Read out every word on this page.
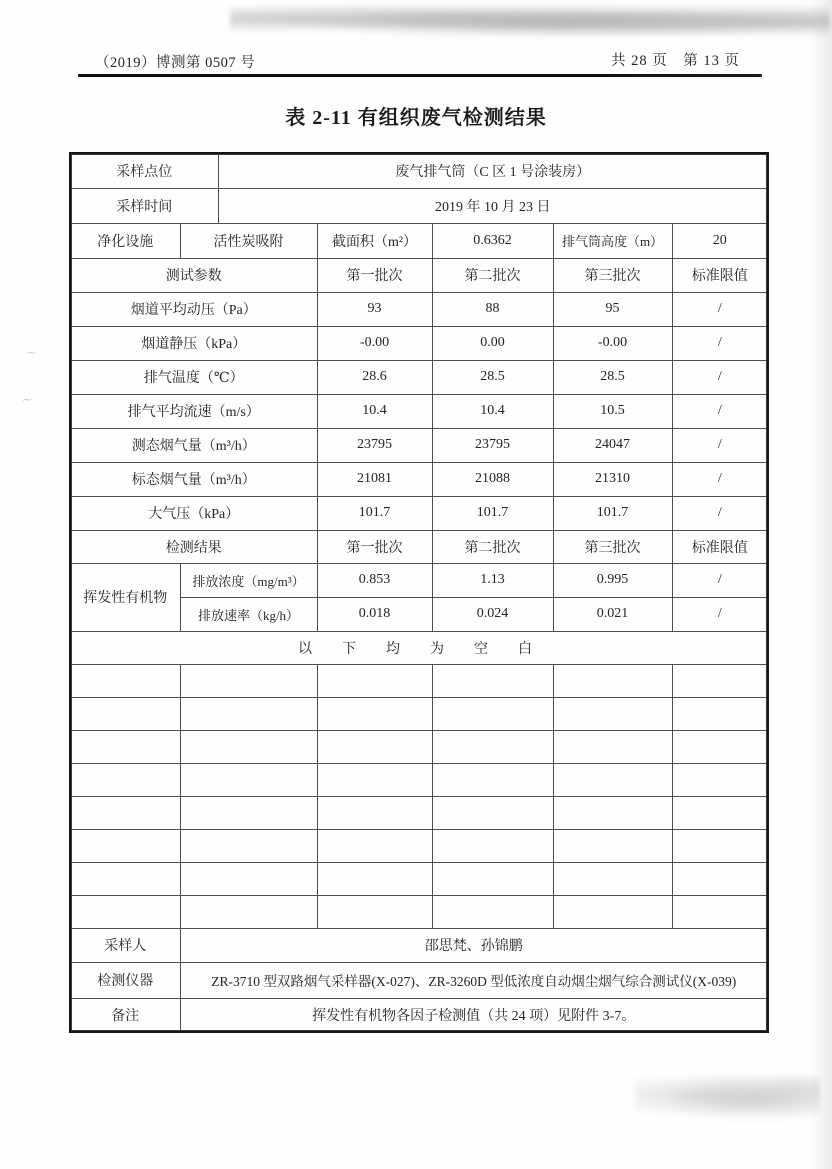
（2019）博测第 0507 号	共 28 页　第 13 页
表 2-11 有组织废气检测结果
采样点位		废气排气筒（C 区 1 号涂装房）				
采样时间		2019 年 10 月 23 日				
净化设施	活性炭吸附		截面积（m²）	0.6362	排气筒高度（m）	20
测试参数			第一批次	第二批次	第三批次	标准限值
烟道平均动压（Pa）			93	88	95	/
烟道静压（kPa）			-0.00	0.00	-0.00	/
排气温度（℃）			28.6	28.5	28.5	/
排气平均流速（m/s）			10.4	10.4	10.5	/
测态烟气量（m³/h）			23795	23795	24047	/
标态烟气量（m³/h）			21081	21088	21310	/
大气压（kPa）			101.7	101.7	101.7	/
检测结果			第一批次	第二批次	第三批次	标准限值
挥发性有机物	排放浓度（mg/m³）		0.853	1.13	0.995	/
	排放速率（kg/h）		0.018	0.024	0.021	/
以　下　均　为　空　白						

采样人	邵思梵、孙锦鹏					
检测仪器	ZR-3710 型双路烟气采样器(X-027)、ZR-3260D 型低浓度自动烟尘烟气综合测试仪(X-039)					
备注	挥发性有机物各因子检测值（共 24 项）见附件 3-7。					
〜
〜
